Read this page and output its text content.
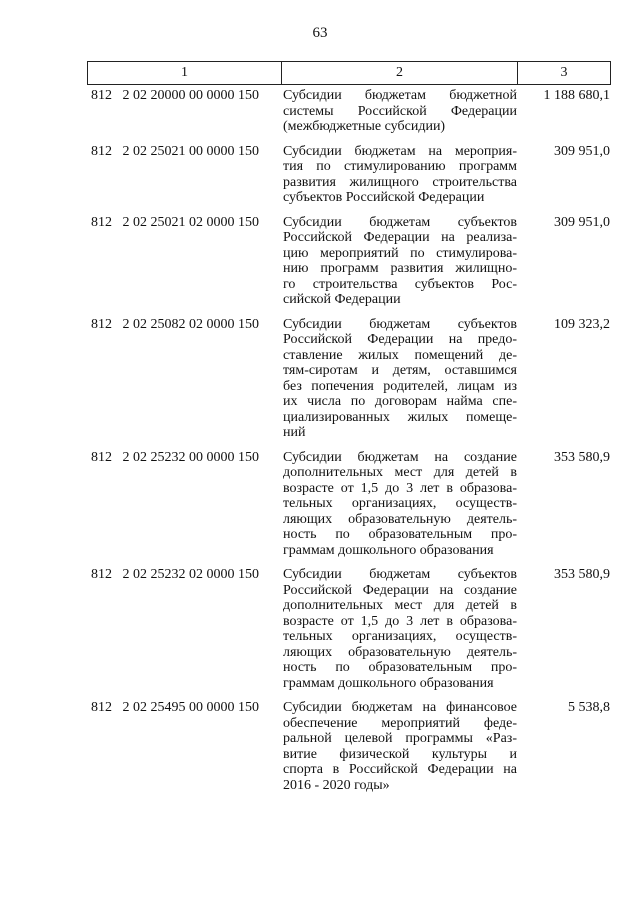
63
1	2	3
812   2 02 20000 00 0000 150 Субсидии бюджетам бюджетной
системы Российской Федерации
(межбюджетные субсидии)
1 188 680,1
812   2 02 25021 00 0000 150 Субсидии бюджетам на мероприя-
тия по стимулированию программ
развития жилищного строительства
субъектов Российской Федерации
309 951,0
812   2 02 25021 02 0000 150 Субсидии бюджетам субъектов
Российской Федерации на реализа-
цию мероприятий по стимулирова-
нию программ развития жилищно-
го строительства субъектов Рос-
сийской Федерации
309 951,0
812   2 02 25082 02 0000 150 Субсидии бюджетам субъектов
Российской Федерации на предо-
ставление жилых помещений де-
тям-сиротам и детям, оставшимся
без попечения родителей, лицам из
их числа по договорам найма спе-
циализированных жилых помеще-
ний
109 323,2
812   2 02 25232 00 0000 150 Субсидии бюджетам на создание
дополнительных мест для детей в
возрасте от 1,5 до 3 лет в образова-
тельных организациях, осуществ-
ляющих образовательную деятель-
ность по образовательным про-
граммам дошкольного образования
353 580,9
812   2 02 25232 02 0000 150 Субсидии бюджетам субъектов
Российской Федерации на создание
дополнительных мест для детей в
возрасте от 1,5 до 3 лет в образова-
тельных организациях, осуществ-
ляющих образовательную деятель-
ность по образовательным про-
граммам дошкольного образования
353 580,9
812   2 02 25495 00 0000 150 Субсидии бюджетам на финансовое
обеспечение мероприятий феде-
ральной целевой программы «Раз-
витие физической культуры и
спорта в Российской Федерации на
2016 - 2020 годы»
5 538,8
